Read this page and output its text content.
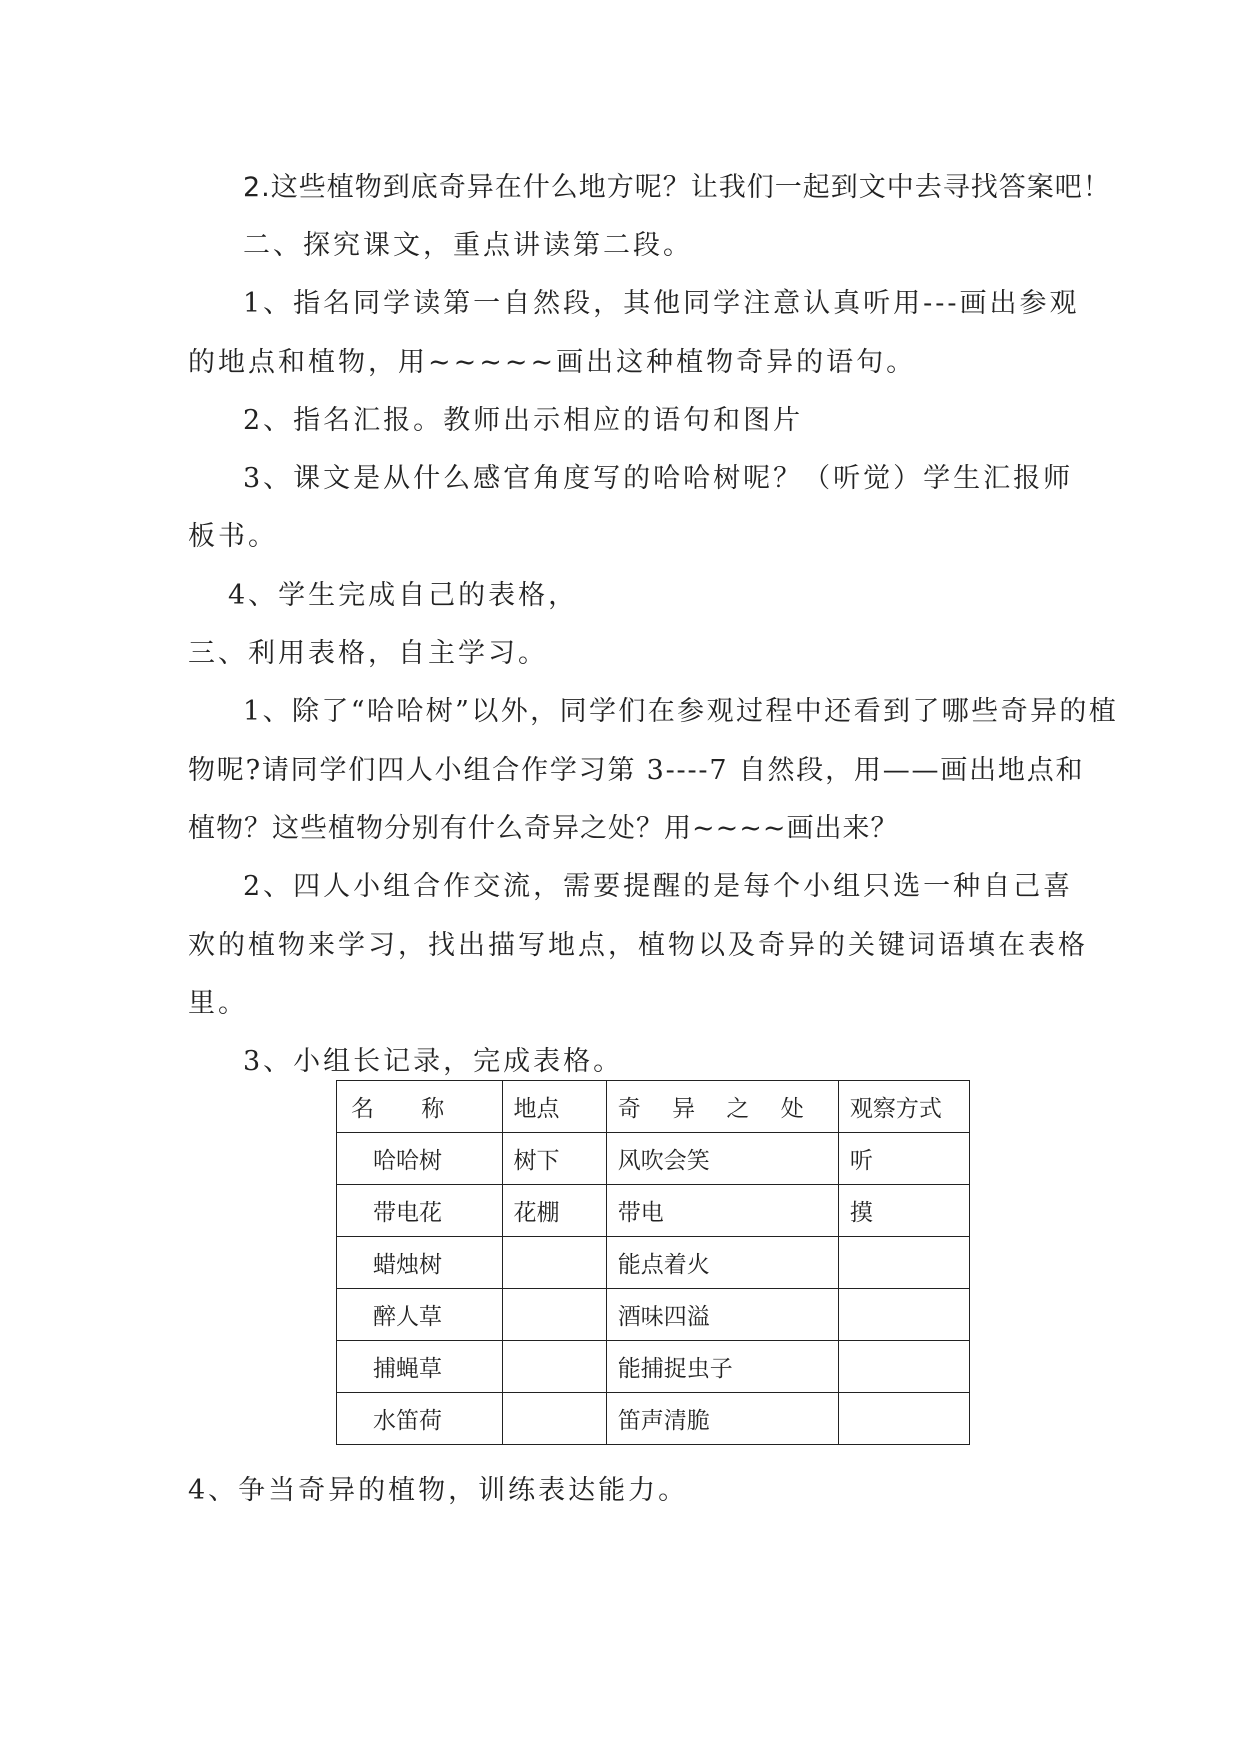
2.这些植物到底奇异在什么地方呢？让我们一起到文中去寻找答案吧！
二、探究课文，重点讲读第二段。
1、指名同学读第一自然段，其他同学注意认真听用---画出参观
的地点和植物，用~~~~~画出这种植物奇异的语句。
2、指名汇报。教师出示相应的语句和图片
3、课文是从什么感官角度写的哈哈树呢？（听觉）学生汇报师
板书。
4、学生完成自己的表格，
三、利用表格，自主学习。
1、除了“哈哈树”以外，同学们在参观过程中还看到了哪些奇异的植
物呢?请同学们四人小组合作学习第 3----7 自然段，用——画出地点和
植物？这些植物分别有什么奇异之处？用~~~~画出来？
2、四人小组合作交流，需要提醒的是每个小组只选一种自己喜
欢的植物来学习，找出描写地点，植物以及奇异的关键词语填在表格
里。
3、小组长记录，完成表格。
名 称	地点	奇 异 之 处	观察方式
哈哈树	树下	风吹会笑	听
带电花	花棚	带电	摸
蜡烛树		能点着火	
醉人草		酒味四溢	
捕蝇草		能捕捉虫子	
水笛荷		笛声清脆	
4、争当奇异的植物，训练表达能力。
